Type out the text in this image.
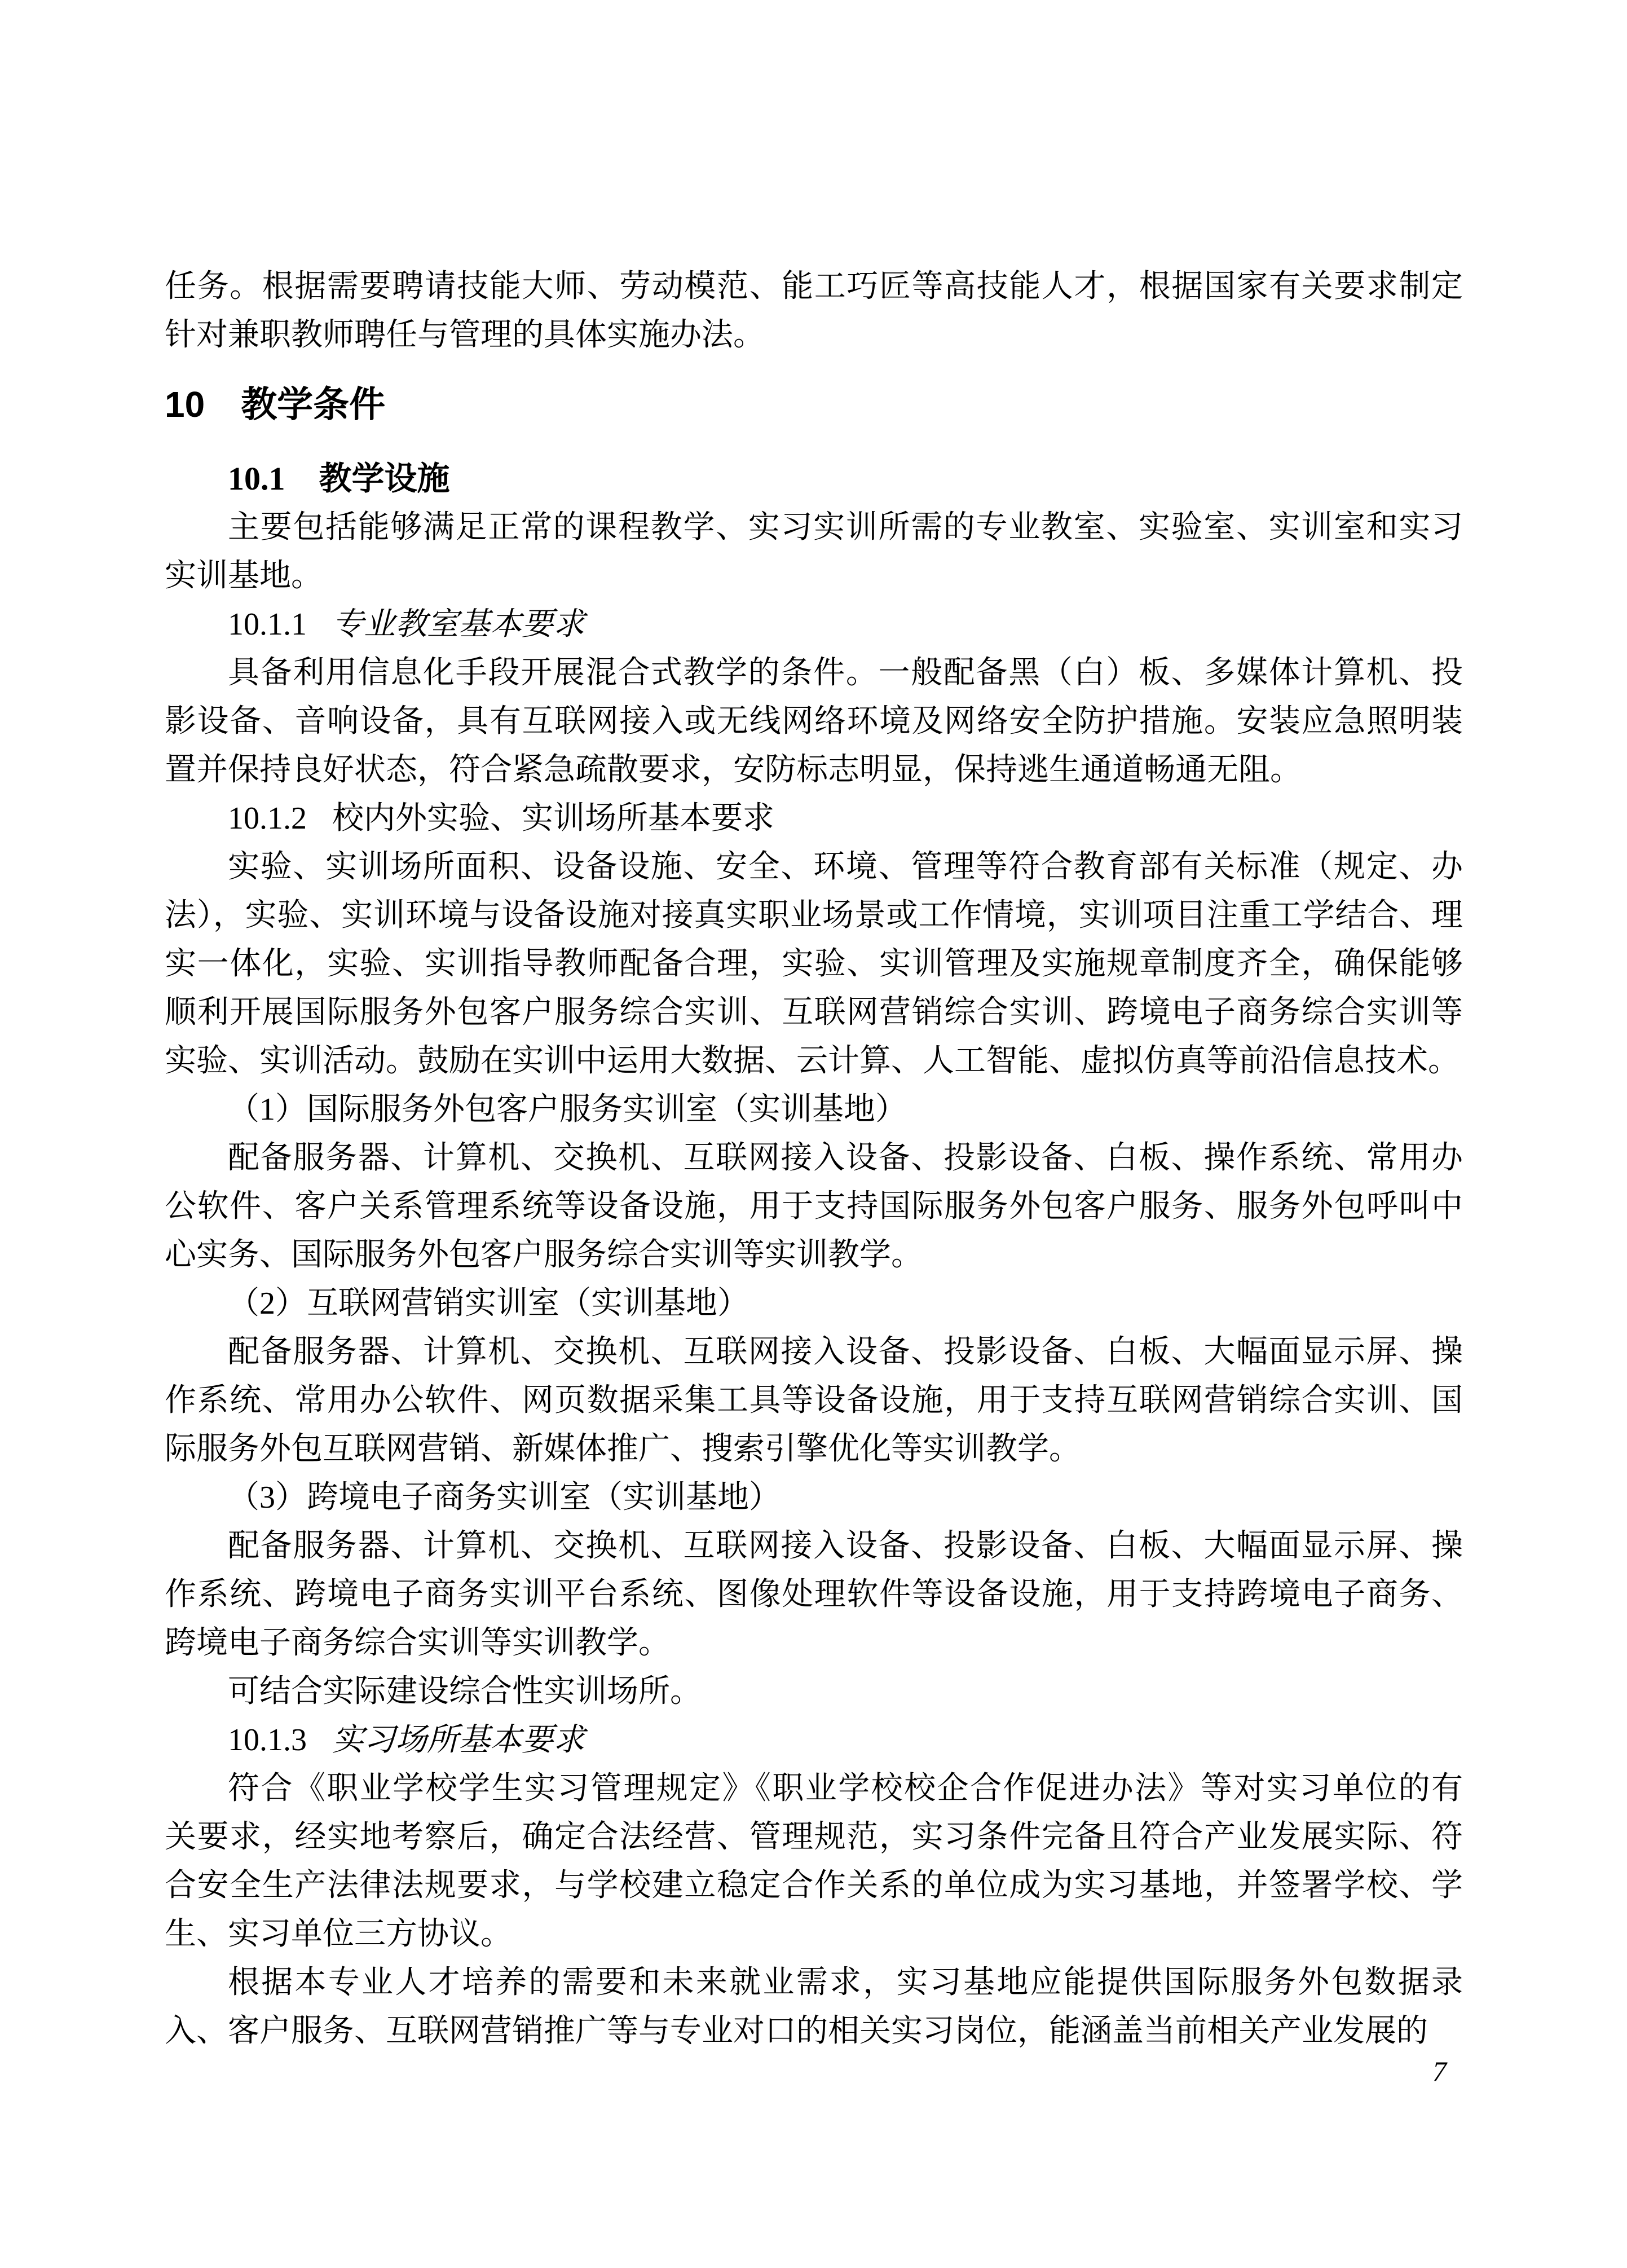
任务。根据需要聘请技能大师、劳动模范、能工巧匠等高技能人才，根据国家有关要求制定
针对兼职教师聘任与管理的具体实施办法。
10 教学条件
10.1 教学设施
主要包括能够满足正常的课程教学、实习实训所需的专业教室、实验室、实训室和实习
实训基地。
10.1.1 专业教室基本要求
具备利用信息化手段开展混合式教学的条件。一般配备黑（白）板、多媒体计算机、投
影设备、音响设备，具有互联网接入或无线网络环境及网络安全防护措施。安装应急照明装
置并保持良好状态，符合紧急疏散要求，安防标志明显，保持逃生通道畅通无阻。
10.1.2 校内外实验、实训场所基本要求
实验、实训场所面积、设备设施、安全、环境、管理等符合教育部有关标准（规定、办
法），实验、实训环境与设备设施对接真实职业场景或工作情境，实训项目注重工学结合、理
实一体化，实验、实训指导教师配备合理，实验、实训管理及实施规章制度齐全，确保能够
顺利开展国际服务外包客户服务综合实训、互联网营销综合实训、跨境电子商务综合实训等
实验、实训活动。鼓励在实训中运用大数据、云计算、人工智能、虚拟仿真等前沿信息技术。
（1）国际服务外包客户服务实训室（实训基地）
配备服务器、计算机、交换机、互联网接入设备、投影设备、白板、操作系统、常用办
公软件、客户关系管理系统等设备设施，用于支持国际服务外包客户服务、服务外包呼叫中
心实务、国际服务外包客户服务综合实训等实训教学。
（2）互联网营销实训室（实训基地）
配备服务器、计算机、交换机、互联网接入设备、投影设备、白板、大幅面显示屏、操
作系统、常用办公软件、网页数据采集工具等设备设施，用于支持互联网营销综合实训、国
际服务外包互联网营销、新媒体推广、搜索引擎优化等实训教学。
（3）跨境电子商务实训室（实训基地）
配备服务器、计算机、交换机、互联网接入设备、投影设备、白板、大幅面显示屏、操
作系统、跨境电子商务实训平台系统、图像处理软件等设备设施，用于支持跨境电子商务、
跨境电子商务综合实训等实训教学。
可结合实际建设综合性实训场所。
10.1.3 实习场所基本要求
符合《职业学校学生实习管理规定》《职业学校校企合作促进办法》等对实习单位的有
关要求，经实地考察后，确定合法经营、管理规范，实习条件完备且符合产业发展实际、符
合安全生产法律法规要求，与学校建立稳定合作关系的单位成为实习基地，并签署学校、学
生、实习单位三方协议。
根据本专业人才培养的需要和未来就业需求，实习基地应能提供国际服务外包数据录
入、客户服务、互联网营销推广等与专业对口的相关实习岗位，能涵盖当前相关产业发展的
7
